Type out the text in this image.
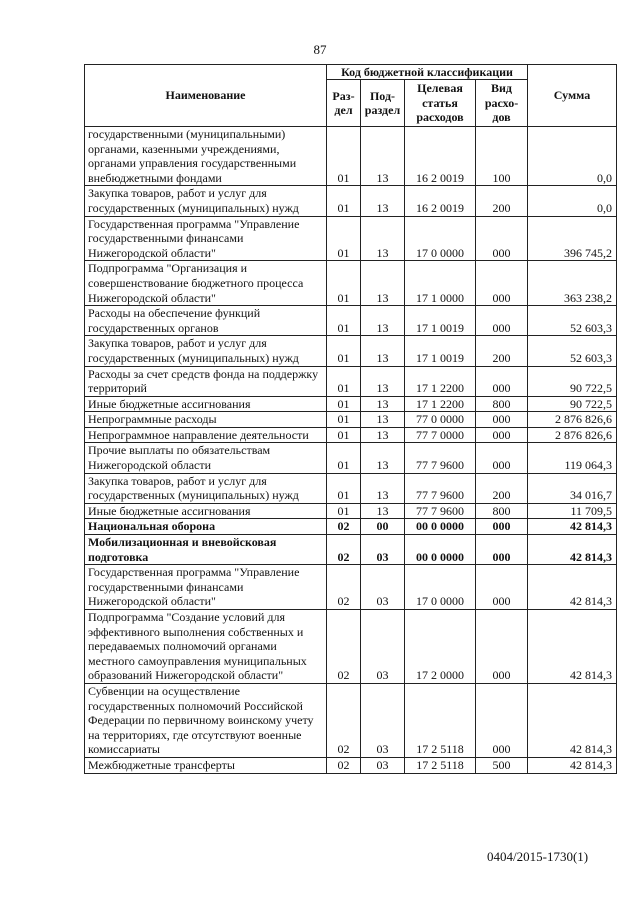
87
Наименование	Код бюджетной классификации				Сумма
	Раз-дел	Под-раздел	Целевая статья расходов	Вид расхо-дов	
государственными (муниципальными) органами, казенными учреждениями, органами управления государственными внебюджетными фондами	01	13	16 2 0019	100	0,0
Закупка товаров, работ и услуг для государственных (муниципальных) нужд	01	13	16 2 0019	200	0,0
Государственная программа "Управление государственными финансами Нижегородской области"	01	13	17 0 0000	000	396 745,2
Подпрограмма "Организация и совершенствование бюджетного процесса Нижегородской области"	01	13	17 1 0000	000	363 238,2
Расходы на обеспечение функций государственных органов	01	13	17 1 0019	000	52 603,3
Закупка товаров, работ и услуг для государственных (муниципальных) нужд	01	13	17 1 0019	200	52 603,3
Расходы за счет средств фонда на поддержку территорий	01	13	17 1 2200	000	90 722,5
Иные бюджетные ассигнования	01	13	17 1 2200	800	90 722,5
Непрограммные расходы	01	13	77 0 0000	000	2 876 826,6
Непрограммное направление деятельности	01	13	77 7 0000	000	2 876 826,6
Прочие выплаты по обязательствам Нижегородской области	01	13	77 7 9600	000	119 064,3
Закупка товаров, работ и услуг для государственных (муниципальных) нужд	01	13	77 7 9600	200	34 016,7
Иные бюджетные ассигнования	01	13	77 7 9600	800	11 709,5
Национальная оборона	02	00	00 0 0000	000	42 814,3
Мобилизационная и вневойсковая подготовка	02	03	00 0 0000	000	42 814,3
Государственная программа "Управление государственными финансами Нижегородской области"	02	03	17 0 0000	000	42 814,3
Подпрограмма "Создание условий для эффективного выполнения собственных и передаваемых полномочий органами местного самоуправления муниципальных образований Нижегородской области"	02	03	17 2 0000	000	42 814,3
Субвенции на осуществление государственных полномочий Российской Федерации по первичному воинскому учету на территориях, где отсутствуют военные комиссариаты	02	03	17 2 5118	000	42 814,3
Межбюджетные трансферты	02	03	17 2 5118	500	42 814,3
0404/2015-1730(1)
